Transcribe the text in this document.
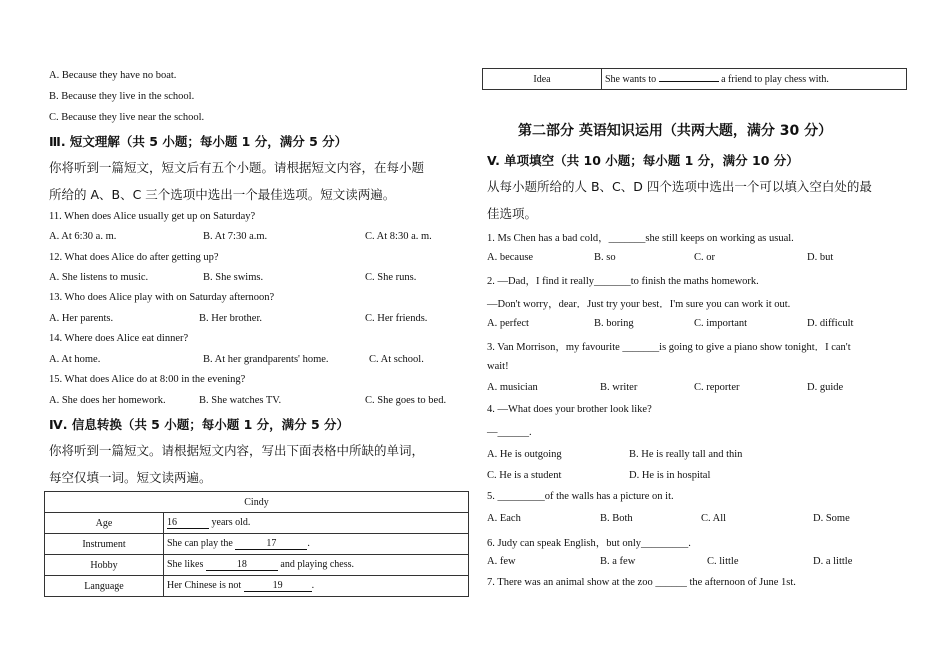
A. Because they have no boat.
B. Because they live in the school.
C. Because they live near the school.
Ⅲ. 短文理解（共 5 小题；每小题 1 分，满分 5 分）
你将听到一篇短文，短文后有五个小题。请根据短文内容，在每小题
所给的 A、B、C 三个选项中选出一个最佳选项。短文读两遍。
11. When does Alice usually get up on Saturday?
A. At 6:30 a. m.	B. At 7:30 a.m.	C. At 8:30 a. m.
12. What does Alice do after getting up?
A. She listens to music.	B. She swims.	C. She runs.
13. Who does Alice play with on Saturday afternoon?
A. Her parents.	B. Her brother.	C. Her friends.
14. Where does Alice eat dinner?
A. At home.	B. At her grandparents' home.	C. At school.
15. What does Alice do at 8:00 in the evening?
A. She does her homework.	B. She watches TV.	C. She goes to bed.
Ⅳ. 信息转换（共 5 小题；每小题 1 分，满分 5 分）
你将听到一篇短文。请根据短文内容，写出下面表格中所缺的单词，
每空仅填一词。短文读两遍。
Cindy	
Age	16 years old.
Instrument	She can play the 17 .
Hobby	She likes 18 and playing chess.
Language	Her Chinese is not 19 .
Idea	She wants to	a friend to play chess with.
第二部分 英语知识运用（共两大题，满分 30 分）
V. 单项填空（共 10 小题；每小题 1 分，满分 10 分）
从每小题所给的人 B、C、D 四个选项中选出一个可以填入空白处的最
佳选项。
1. Ms Chen has a bad cold，_______she still keeps on working as usual.
A. because	B. so	C. or	D. but
2. —Dad，I find it really_______to finish the maths homework.
—Don't worry，dear．Just try your best．I'm sure you can work it out.
A. perfect	B. boring	C. important	D. difficult
3. Van Morrison，my favourite _______is going to give a piano show tonight．I can't
wait!
A. musician	B. writer	C. reporter	D. guide
4. —What does your brother look like?
—______.
A. He is outgoing	B. He is really tall and thin
C. He is a student	D. He is in hospital
5. _________of the walls has a picture on it.
A. Each	B. Both	C. All	D. Some
6. Judy can speak English，but only_________.
A. few	B. a few	C. little	D. a little
7. There was an animal show at the zoo ______ the afternoon of June 1st.
